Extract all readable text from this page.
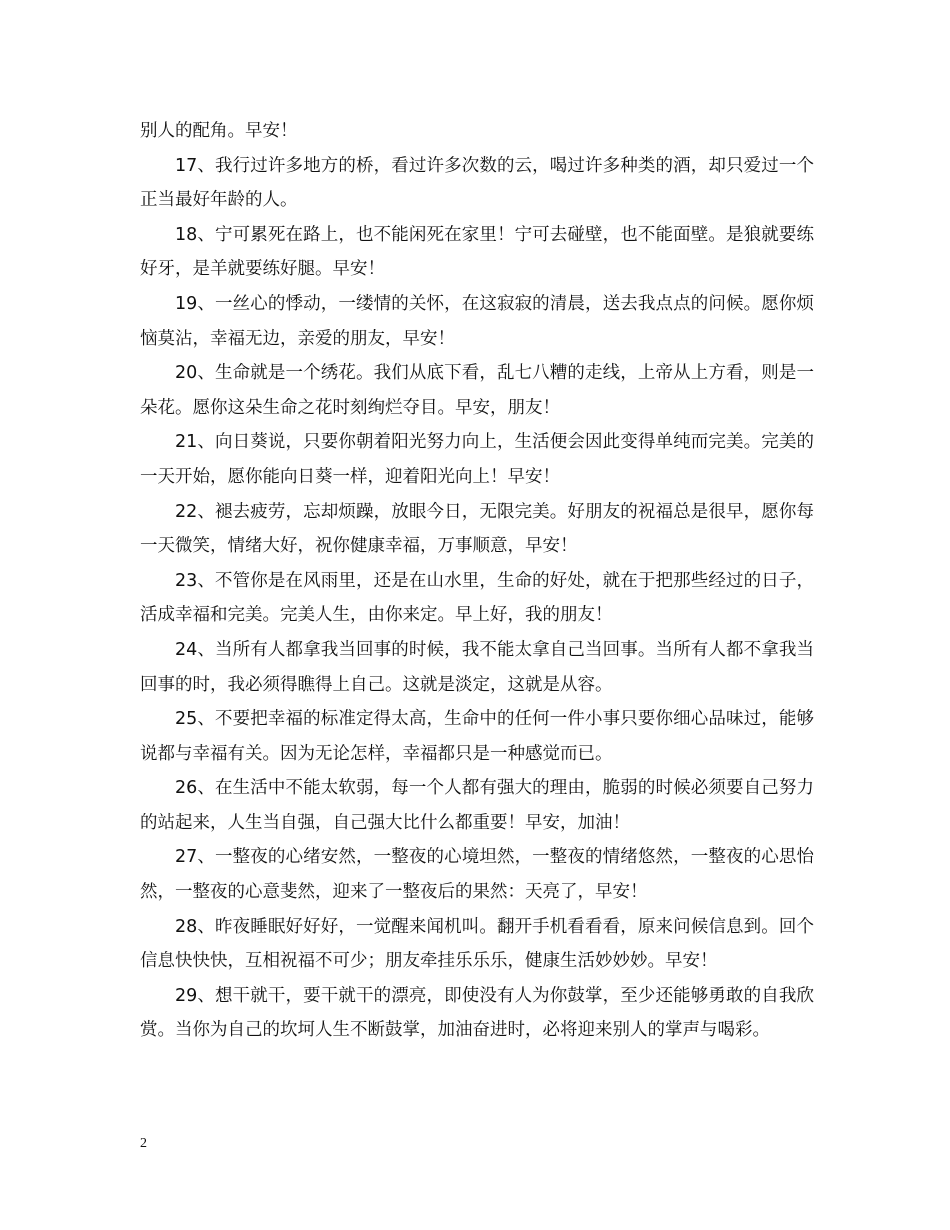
别人的配角。早安！

17、我行过许多地方的桥，看过许多次数的云，喝过许多种类的酒，却只爱过一个正当最好年龄的人。

18、宁可累死在路上，也不能闲死在家里！宁可去碰壁，也不能面壁。是狼就要练好牙，是羊就要练好腿。早安！

19、一丝心的悸动，一缕情的关怀，在这寂寂的清晨，送去我点点的问候。愿你烦恼莫沾，幸福无边，亲爱的朋友，早安！

20、生命就是一个绣花。我们从底下看，乱七八糟的走线，上帝从上方看，则是一朵花。愿你这朵生命之花时刻绚烂夺目。早安，朋友！

21、向日葵说，只要你朝着阳光努力向上，生活便会因此变得单纯而完美。完美的一天开始，愿你能向日葵一样，迎着阳光向上！早安！

22、褪去疲劳，忘却烦躁，放眼今日，无限完美。好朋友的祝福总是很早，愿你每一天微笑，情绪大好，祝你健康幸福，万事顺意，早安！

23、不管你是在风雨里，还是在山水里，生命的好处，就在于把那些经过的日子，活成幸福和完美。完美人生，由你来定。早上好，我的朋友！

24、当所有人都拿我当回事的时候，我不能太拿自己当回事。当所有人都不拿我当回事的时，我必须得瞧得上自己。这就是淡定，这就是从容。

25、不要把幸福的标准定得太高，生命中的任何一件小事只要你细心品味过，能够说都与幸福有关。因为无论怎样，幸福都只是一种感觉而已。

26、在生活中不能太软弱，每一个人都有强大的理由，脆弱的时候必须要自己努力的站起来，人生当自强，自己强大比什么都重要！早安，加油！

27、一整夜的心绪安然，一整夜的心境坦然，一整夜的情绪悠然，一整夜的心思怡然，一整夜的心意斐然，迎来了一整夜后的果然：天亮了，早安！

28、昨夜睡眠好好好，一觉醒来闻机叫。翻开手机看看看，原来问候信息到。回个信息快快快，互相祝福不可少；朋友牵挂乐乐乐，健康生活妙妙妙。早安！

29、想干就干，要干就干的漂亮，即使没有人为你鼓掌，至少还能够勇敢的自我欣赏。当你为自己的坎坷人生不断鼓掌，加油奋进时，必将迎来别人的掌声与喝彩。

2
